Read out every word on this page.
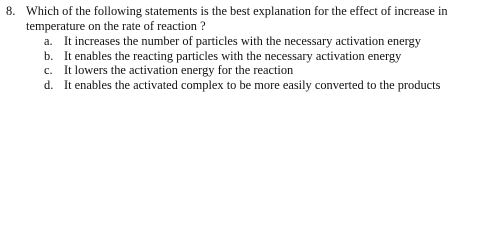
8. Which of the following statements is the best explanation for the effect of increase in
temperature on the rate of reaction ?
a. It increases the number of particles with the necessary activation energy
b. It enables the reacting particles with the necessary activation energy
c. It lowers the activation energy for the reaction
d. It enables the activated complex to be more easily converted to the products
